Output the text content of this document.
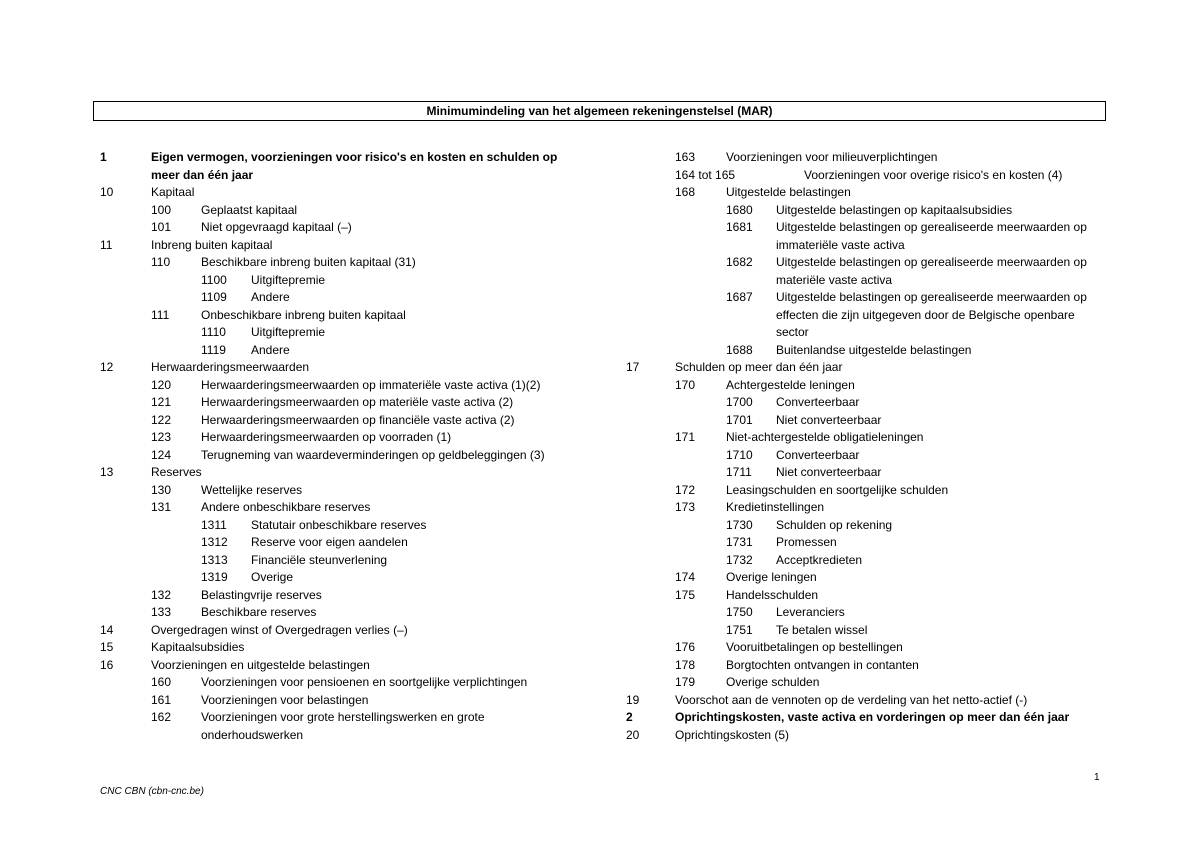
Minimumindeling van het algemeen rekeningenstelsel (MAR)
1	Eigen vermogen, voorzieningen voor risico's en kosten en schulden op meer dan één jaar
10	Kapitaal
100 Geplaatst kapitaal
101 Niet opgevraagd kapitaal (–)
11	Inbreng buiten kapitaal
110	Beschikbare inbreng buiten kapitaal (31)
1100 Uitgiftepremie
1109 Andere
111	Onbeschikbare inbreng buiten kapitaal
1110 Uitgiftepremie
1119 Andere
12	Herwaarderingsmeerwaarden
120 Herwaarderingsmeerwaarden op immateriële vaste activa (1)(2)
121 Herwaarderingsmeerwaarden op materiële vaste activa (2)
122 Herwaarderingsmeerwaarden op financiële vaste activa (2)
123 Herwaarderingsmeerwaarden op voorraden (1)
124 Terugneming van waardeverminderingen op geldbeleggingen (3)
13	Reserves
130 Wettelijke reserves
131 Andere onbeschikbare reserves
1311 Statutair onbeschikbare reserves
1312 Reserve voor eigen aandelen
1313 Financiële steunverlening
1319 Overige
132 Belastingvrije reserves
133 Beschikbare reserves
14	Overgedragen winst of Overgedragen verlies (–)
15	Kapitaalsubsidies
16	Voorzieningen en uitgestelde belastingen
160 Voorzieningen voor pensioenen en soortgelijke verplichtingen
161 Voorzieningen voor belastingen
162 Voorzieningen voor grote herstellingswerken en grote onderhoudswerken
163	Voorzieningen voor milieuverplichtingen
164 tot 165	Voorzieningen voor overige risico's en kosten (4)
168	Uitgestelde belastingen
1680 Uitgestelde belastingen op kapitaalsubsidies
1681 Uitgestelde belastingen op gerealiseerde meerwaarden op immateriële vaste activa
1682 Uitgestelde belastingen op gerealiseerde meerwaarden op materiële vaste activa
1687 Uitgestelde belastingen op gerealiseerde meerwaarden op effecten die zijn uitgegeven door de Belgische openbare sector
1688 Buitenlandse uitgestelde belastingen
17	Schulden op meer dan één jaar
170	Achtergestelde leningen
1700 Converteerbaar
1701 Niet converteerbaar
171	Niet-achtergestelde obligatieleningen
1710 Converteerbaar
1711 Niet converteerbaar
172	Leasingschulden en soortgelijke schulden
173	Kredietinstellingen
1730 Schulden op rekening
1731 Promessen
1732 Acceptkredieten
174	Overige leningen
175	Handelsschulden
1750 Leveranciers
1751 Te betalen wissel
176	Vooruitbetalingen op bestellingen
178	Borgtochten ontvangen in contanten
179	Overige schulden
19	Voorschot aan de vennoten op de verdeling van het netto-actief (-)
2	Oprichtingskosten, vaste activa en vorderingen op meer dan één jaar
20	Oprichtingskosten (5)
CNC CBN (cbn-cnc.be)
1
